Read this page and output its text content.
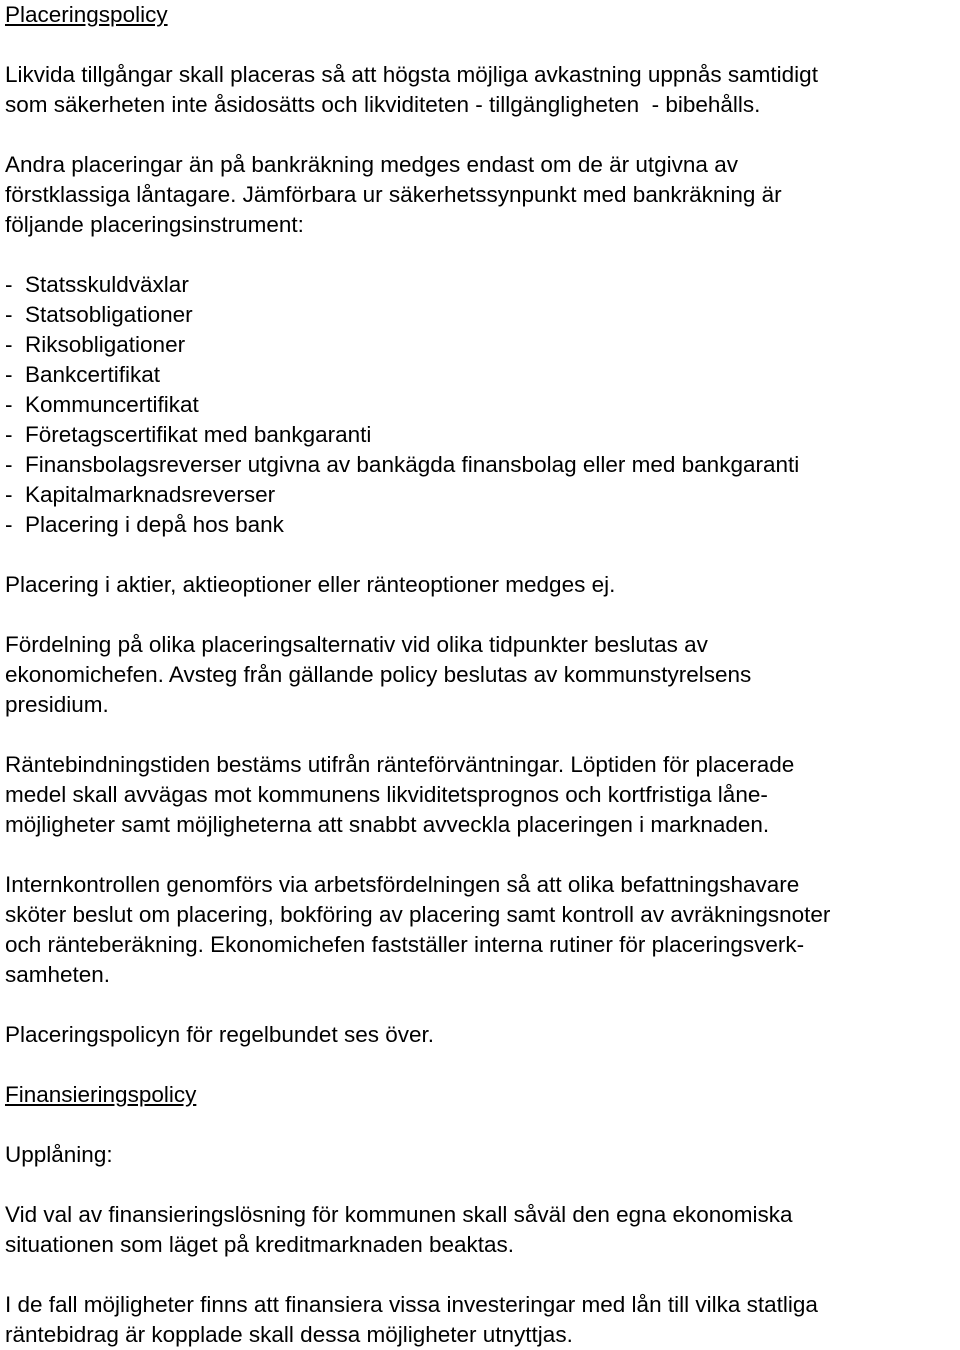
Placeringspolicy
Likvida tillgångar skall placeras så att högsta möjliga avkastning uppnås samtidigt
som säkerheten inte åsidosätts och likviditeten - tillgängligheten  - bibehålls.
Andra placeringar än på bankräkning medges endast om de är utgivna av
förstklassiga låntagare. Jämförbara ur säkerhetssynpunkt med bankräkning är
följande placeringsinstrument:
-  Statsskuldväxlar
-  Statsobligationer
-  Riksobligationer
-  Bankcertifikat
-  Kommuncertifikat
-  Företagscertifikat med bankgaranti
-  Finansbolagsreverser utgivna av bankägda finansbolag eller med bankgaranti
-  Kapitalmarknadsreverser
-  Placering i depå hos bank
Placering i aktier, aktieoptioner eller ränteoptioner medges ej.
Fördelning på olika placeringsalternativ vid olika tidpunkter beslutas av
ekonomichefen. Avsteg från gällande policy beslutas av kommunstyrelsens
presidium.
Räntebindningstiden bestäms utifrån ränteförväntningar. Löptiden för placerade
medel skall avvägas mot kommunens likviditetsprognos och kortfristiga låne-
möjligheter samt möjligheterna att snabbt avveckla placeringen i marknaden.
Internkontrollen genomförs via arbetsfördelningen så att olika befattningshavare
sköter beslut om placering, bokföring av placering samt kontroll av avräkningsnoter
och ränteberäkning. Ekonomichefen fastställer interna rutiner för placeringsverk-
samheten.
Placeringspolicyn för regelbundet ses över.
Finansieringspolicy
Upplåning:
Vid val av finansieringslösning för kommunen skall såväl den egna ekonomiska
situationen som läget på kreditmarknaden beaktas.
I de fall möjligheter finns att finansiera vissa investeringar med lån till vilka statliga
räntebidrag är kopplade skall dessa möjligheter utnyttjas.
